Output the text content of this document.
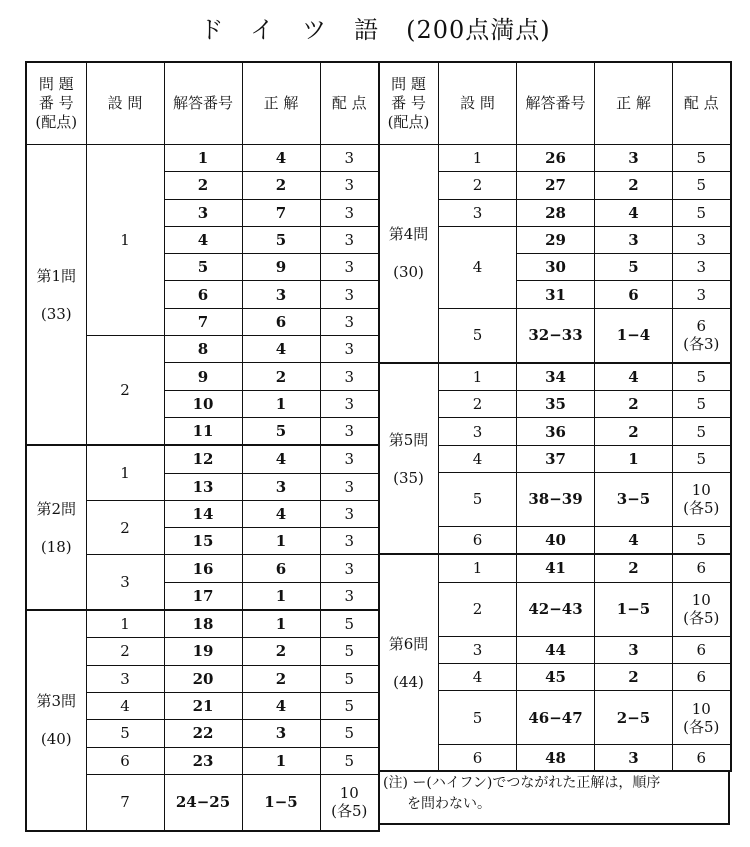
ドイツ語(200点満点)
問 題
番 号
(配点)	設 問	解答番号	正 解	配 点

第1問
(33)	1	1	4	3
		2	2	3
		3	7	3
		4	5	3
		5	9	3
		6	3	3
		7	6	3
	2	8	4	3
		9	2	3
		10	1	3
		11	5	3

第2問
(18)	1	12	4	3
		13	3	3
	2	14	4	3
		15	1	3
	3	16	6	3
		17	1	3

第3問
(40)	1	18	1	5
	2	19	2	5
	3	20	2	5
	4	21	4	5
	5	22	3	5
	6	23	1	5
	7	24−25	1−5	10
(各5)
問 題
番 号
(配点)	設 問	解答番号	正 解	配 点

第4問
(30)	1	26	3	5
	2	27	2	5
	3	28	4	5
	4	29	3	3
		30	5	3
		31	6	3
	5	32−33	1−4	6
(各3)

第5問
(35)	1	34	4	5
	2	35	2	5
	3	36	2	5
	4	37	1	5
	5	38−39	3−5	10
(各5)

	6	40	4	5

第6問
(44)	1	41	2	6
	2	42−43	1−5	10
(各5)

	3	44	3	6
	4	45	2	6
	5	46−47	2−5	10
(各5)

	6	48	3	6
(注) ー(ハイフン)でつながれた正解は，順序
を問わない。
